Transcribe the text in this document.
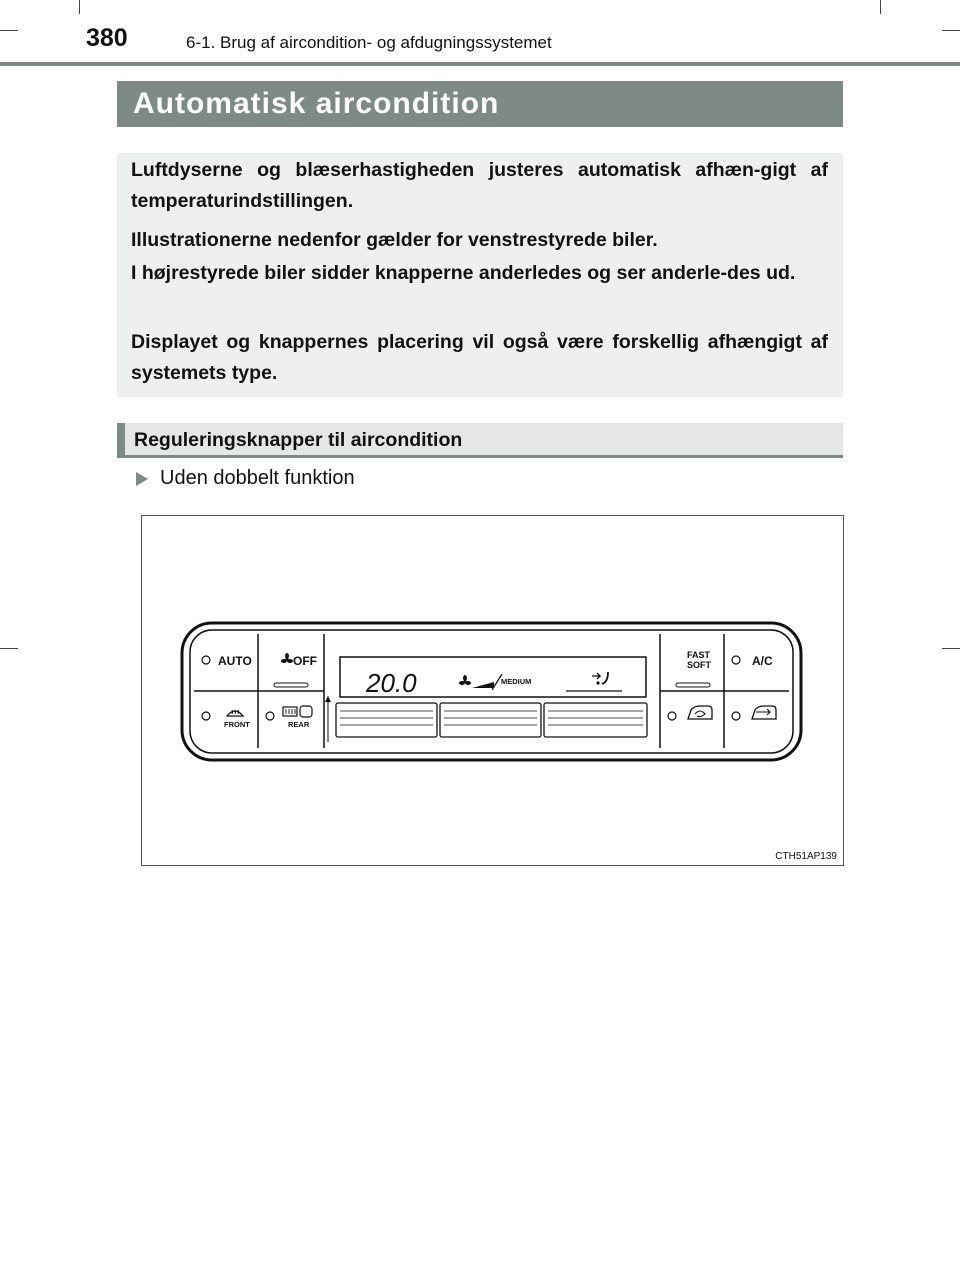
380	6-1. Brug af aircondition- og afdugningssystemet
Automatisk aircondition

Luftdyserne og blæserhastigheden justeres automatisk afhæn-gigt af temperaturindstillingen.

Illustrationerne nedenfor gælder for venstrestyrede biler.

I højrestyrede biler sidder knapperne anderledes og ser anderle-des ud.

Displayet og knappernes placering vil også være forskellig afhængigt af systemets type.

Reguleringsknapper til aircondition
Uden dobbelt funktion
AUTO	OFF
FRONT	REAR
20.0	MEDIUM
FAST
SOFT	A/C
CTH51AP139
